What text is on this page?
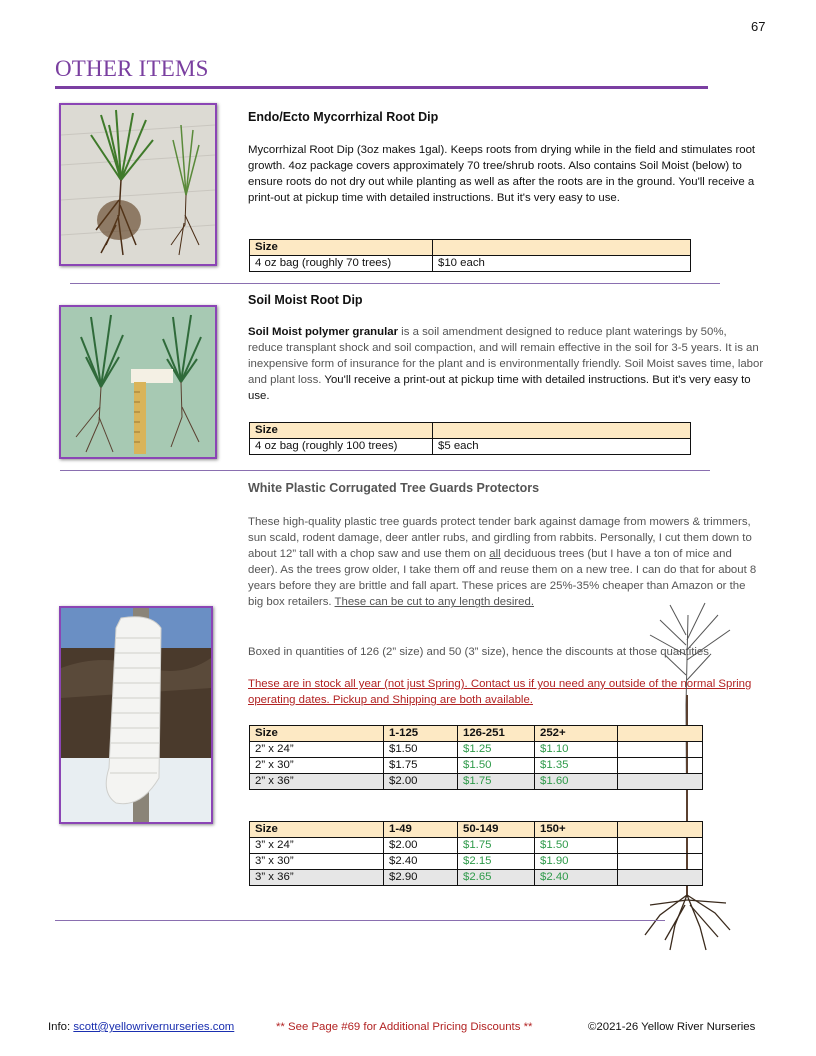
67
OTHER ITEMS
Endo/Ecto Mycorrhizal Root Dip
Mycorrhizal Root Dip (3oz makes 1gal). Keeps roots from drying while in the field and stimulates root growth. 4oz package covers approximately 70 tree/shrub roots. Also contains Soil Moist (below) to ensure roots do not dry out while planting as well as after the roots are in the ground. You'll receive a print-out at pickup time with detailed instructions. But it's very easy to use.
Size	
4 oz bag (roughly 70 trees)	$10 each
Soil Moist Root Dip
Soil Moist polymer granular is a soil amendment designed to reduce plant waterings by 50%, reduce transplant shock and soil compaction, and will remain effective in the soil for 3-5 years. It is an inexpensive form of insurance for the plant and is environmentally friendly. Soil Moist saves time, labor and plant loss. You'll receive a print-out at pickup time with detailed instructions. But it's very easy to use.
Size	
4 oz bag (roughly 100 trees)	$5 each
White Plastic Corrugated Tree Guards Protectors
These high-quality plastic tree guards protect tender bark against damage from mowers & trimmers, sun scald, rodent damage, deer antler rubs, and girdling from rabbits. Personally, I cut them down to about 12” tall with a chop saw and use them on all deciduous trees (but I have a ton of mice and deer). As the trees grow older, I take them off and reuse them on a new tree. I can do that for about 8 years before they are brittle and fall apart. These prices are 25%-35% cheaper than Amazon or the big box retailers. These can be cut to any length desired.
Boxed in quantities of 126 (2” size) and 50 (3” size), hence the discounts at those quantities.
These are in stock all year (not just Spring). Contact us if you need any outside of the normal Spring operating dates. Pickup and Shipping are both available.
Size	1-125	126-251	252+	
2” x 24”	$1.50	$1.25	$1.10	
2” x 30”	$1.75	$1.50	$1.35	
2” x 36”	$2.00	$1.75	$1.60	
Size	1-49	50-149	150+	
3” x 24”	$2.00	$1.75	$1.50	
3” x 30”	$2.40	$2.15	$1.90	
3” x 36”	$2.90	$2.65	$2.40	
Info: scott@yellowrivernurseries.com	** See Page #69 for Additional Pricing Discounts **	©2021-26 Yellow River Nurseries
